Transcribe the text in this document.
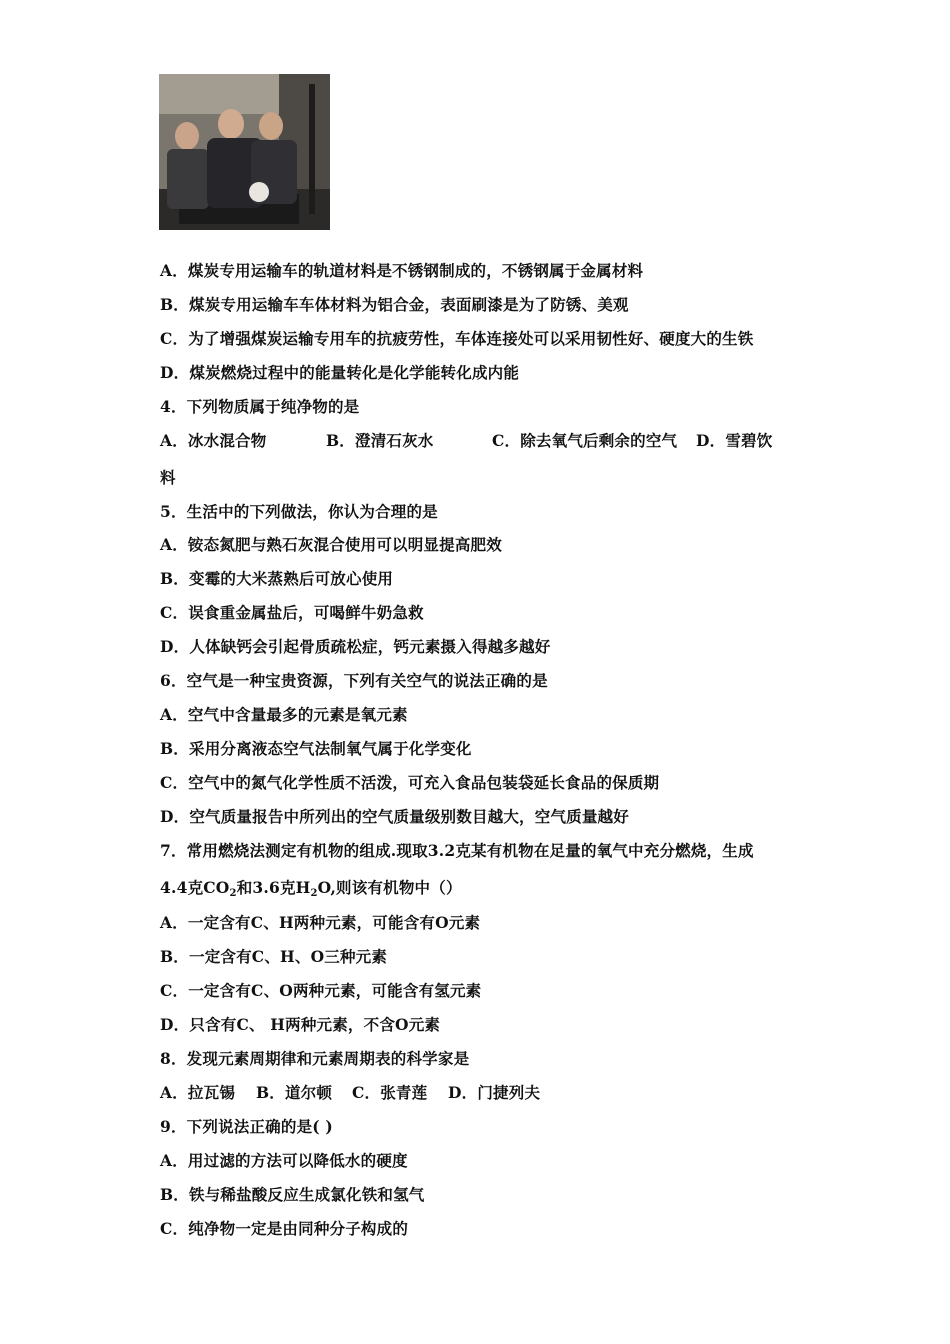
A．煤炭专用运输车的轨道材料是不锈钢制成的，不锈钢属于金属材料
B．煤炭专用运输车车体材料为铝合金，表面刷漆是为了防锈、美观
C．为了增强煤炭运输专用车的抗疲劳性，车体连接处可以采用韧性好、硬度大的生铁
D．煤炭燃烧过程中的能量转化是化学能转化成内能
4．下列物质属于纯净物的是
A．冰水混合物	B．澄清石灰水	C．除去氧气后剩余的空气 D．雪碧饮
料
5．生活中的下列做法，你认为合理的是
A．铵态氮肥与熟石灰混合使用可以明显提高肥效
B．变霉的大米蒸熟后可放心使用
C．误食重金属盐后，可喝鲜牛奶急救
D．人体缺钙会引起骨质疏松症，钙元素摄入得越多越好
6．空气是一种宝贵资源，下列有关空气的说法正确的是
A．空气中含量最多的元素是氧元素
B．采用分离液态空气法制氧气属于化学变化
C．空气中的氮气化学性质不活泼，可充入食品包装袋延长食品的保质期
D．空气质量报告中所列出的空气质量级别数目越大，空气质量越好
7．常用燃烧法测定有机物的组成.现取3.2克某有机物在足量的氧气中充分燃烧，生成
4.4克$CO_2$和3.6克$H_2O$,则该有机物中（）
A．一定含有C、H两种元素，可能含有O元素
B．一定含有C、H、O三种元素
C．一定含有C、O两种元素，可能含有氢元素
D．只含有C、 H两种元素，不含O元素
8．发现元素周期律和元素周期表的科学家是
A．拉瓦锡 B．道尔顿 C．张青莲 D．门捷列夫
9．下列说法正确的是( )
A．用过滤的方法可以降低水的硬度
B．铁与稀盐酸反应生成氯化铁和氢气
C．纯净物一定是由同种分子构成的
